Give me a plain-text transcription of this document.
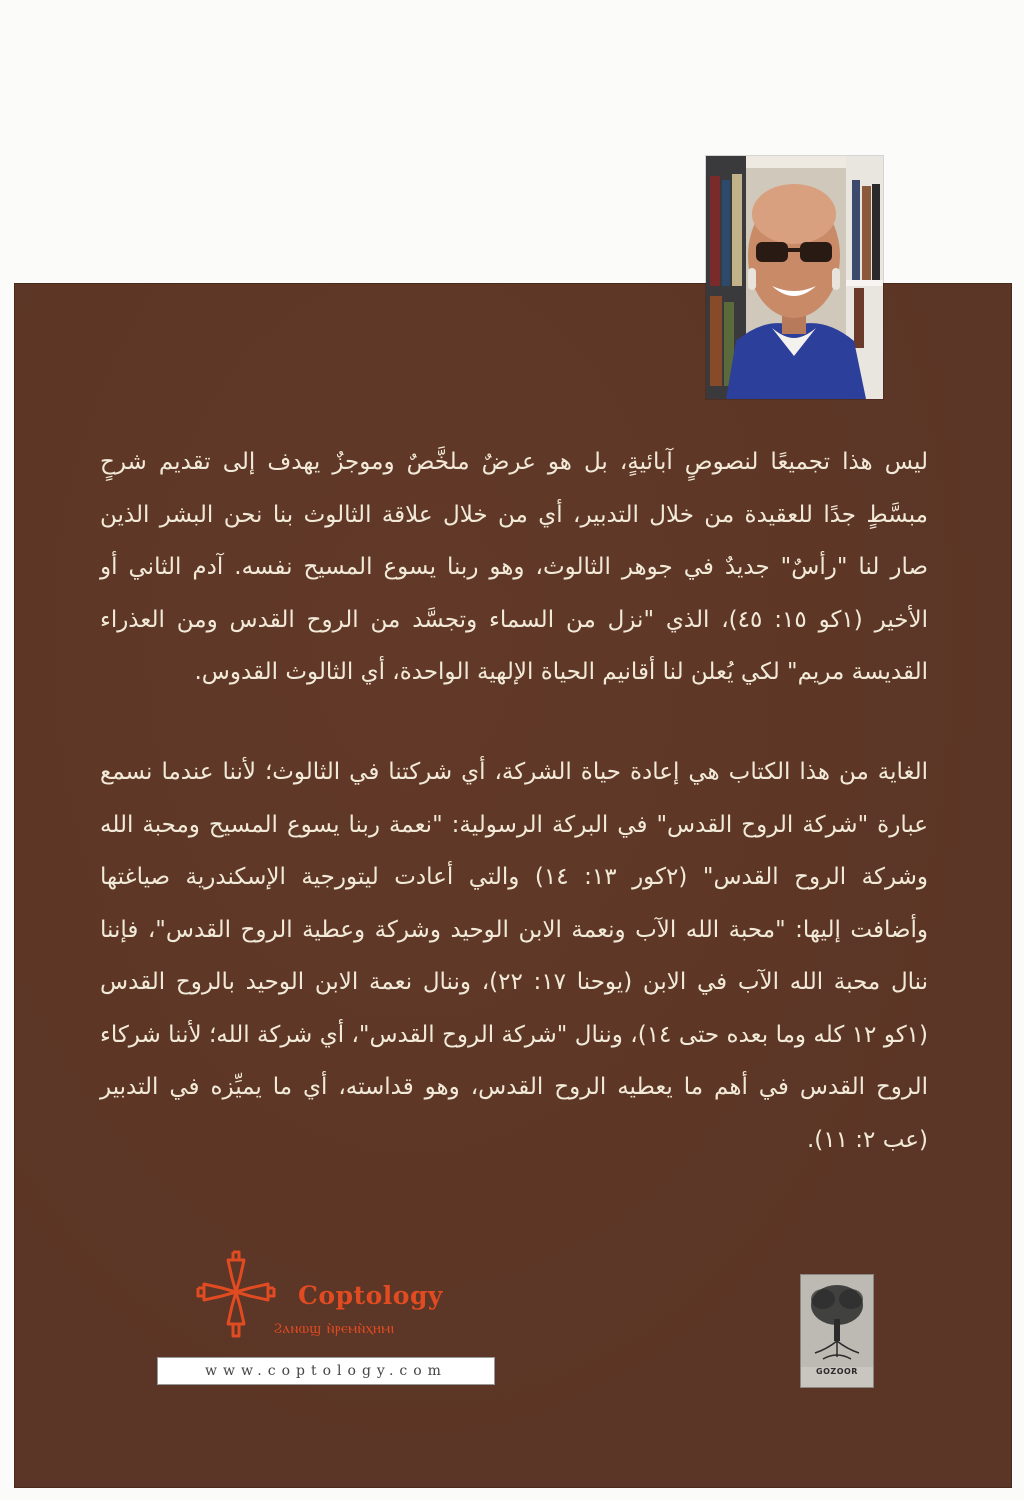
ليس هذا تجميعًا لنصوصٍ آبائيةٍ، بل هو عرضٌ ملخَّصٌ وموجزٌ يهدف إلى تقديم شرحٍ مبسَّطٍ جدًا للعقيدة من خلال التدبير، أي من خلال علاقة الثالوث بنا نحن البشر الذين صار لنا "رأسٌ" جديدٌ في جوهر الثالوث، وهو ربنا يسوع المسيح نفسه. آدم الثاني أو الأخير (١كو ١٥: ٤٥)، الذي "نزل من السماء وتجسَّد من الروح القدس ومن العذراء القديسة مريم" لكي يُعلن لنا أقانيم الحياة الإلهية الواحدة، أي الثالوث القدوس.
الغاية من هذا الكتاب هي إعادة حياة الشركة، أي شركتنا في الثالوث؛ لأننا عندما نسمع عبارة "شركة الروح القدس" في البركة الرسولية: "نعمة ربنا يسوع المسيح ومحبة الله وشركة الروح القدس" (٢كور ١٣: ١٤) والتي أعادت ليتورجية الإسكندرية صياغتها وأضافت إليها: "محبة الله الآب ونعمة الابن الوحيد وشركة وعطية الروح القدس"، فإننا ننال محبة الله الآب في الابن (يوحنا ١٧: ٢٢)، وننال نعمة الابن الوحيد بالروح القدس (١كو ١٢ كله وما بعده حتى ١٤)، وننال "شركة الروح القدس"، أي شركة الله؛ لأننا شركاء الروح القدس في أهم ما يعطيه الروح القدس، وهو قداسته، أي ما يميِّزه في التدبير (عب ٢: ١١).
Coptology
Ϩⲁⲛⲱϣ ⲛ̀ⲣⲉⲙⲛ̀ⲭⲏⲙⲓ
www.coptology.com	GOZOOR
